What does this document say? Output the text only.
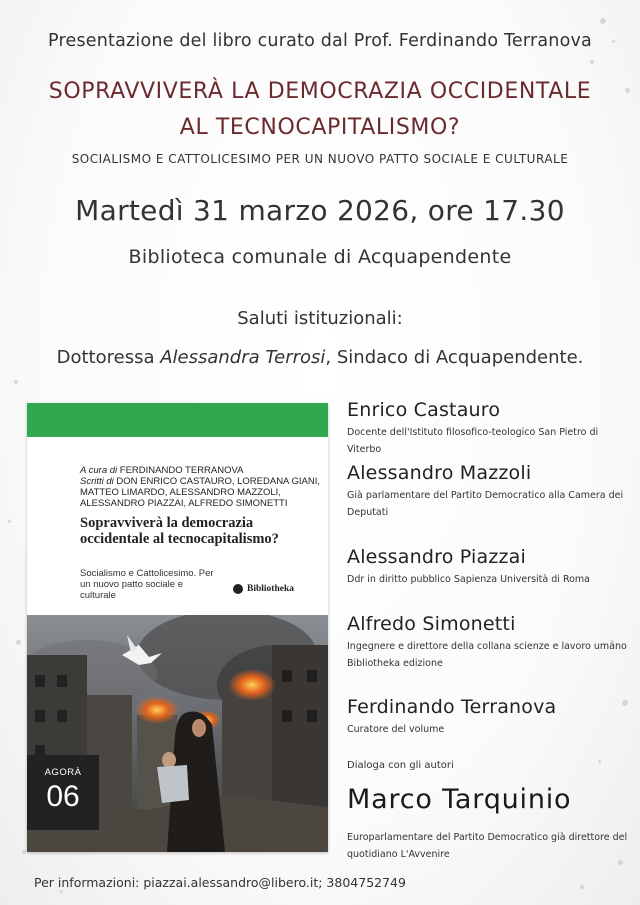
Presentazione del libro curato dal Prof. Ferdinando Terranova
SOPRAVVIVERÀ LA DEMOCRAZIA OCCIDENTALE
AL TECNOCAPITALISMO?
SOCIALISMO E CATTOLICESIMO PER UN NUOVO PATTO SOCIALE E CULTURALE
Martedì 31 marzo 2026, ore 17.30
Biblioteca comunale di Acquapendente
Saluti istituzionali:
Dottoressa Alessandra Terrosi, Sindaco di Acquapendente.
A cura di FERDINANDO TERRANOVA
Scritti di DON ENRICO CASTAURO, LOREDANA GIANI,
MATTEO LIMARDO, ALESSANDRO MAZZOLI,
ALESSANDRO PIAZZAI, ALFREDO SIMONETTI
Sopravviverà la democrazia occidentale al tecnocapitalismo?
Socialismo e Cattolicesimo. Per un nuovo patto sociale e culturale
Bibliotheka
AGORÀ
06
Enrico Castauro
Docente dell'Istituto filosofico-teologico San Pietro di Viterbo
Alessandro Mazzoli
Già parlamentare del Partito Democratico alla Camera dei Deputati
Alessandro Piazzai
Ddr in diritto pubblico Sapienza Università di Roma
Alfredo Simonetti
Ingegnere e direttore della collana scienze e lavoro umano Bibliotheka edizione
Ferdinando Terranova
Curatore del volume
Dialoga con gli autori
Marco Tarquinio
Europarlamentare del Partito Democratico già direttore del quotidiano L'Avvenire
Per informazioni: piazzai.alessandro@libero.it; 3804752749
